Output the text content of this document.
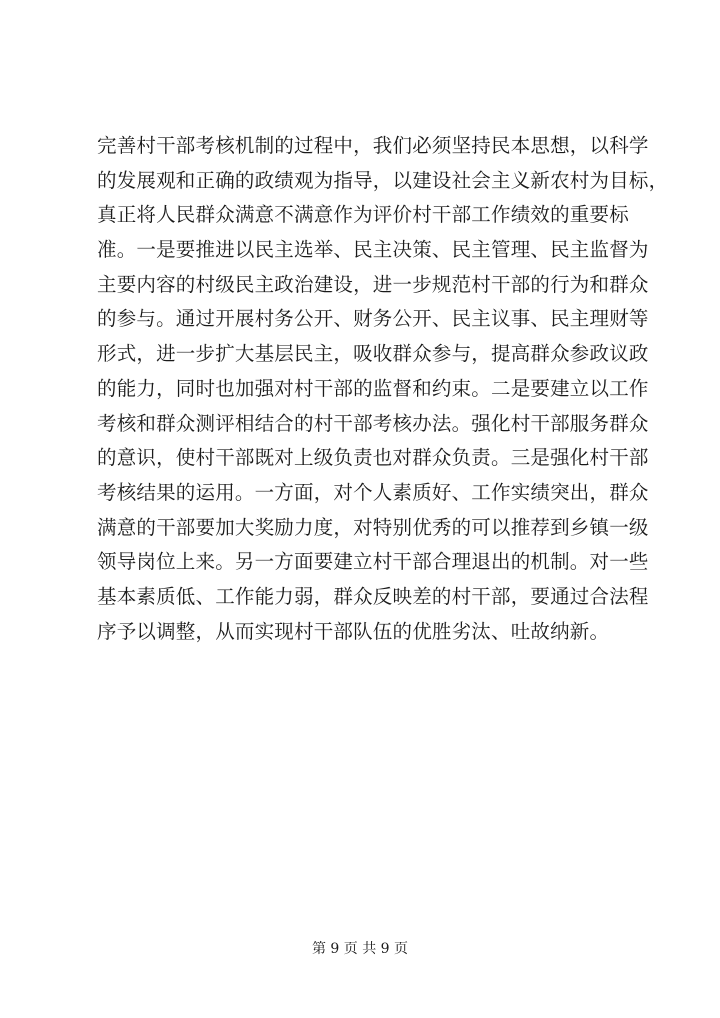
完善村干部考核机制的过程中，我们必须坚持民本思想，以科学
的发展观和正确的政绩观为指导，以建设社会主义新农村为目标，
真正将人民群众满意不满意作为评价村干部工作绩效的重要标
准。一是要推进以民主选举、民主决策、民主管理、民主监督为
主要内容的村级民主政治建设，进一步规范村干部的行为和群众
的参与。通过开展村务公开、财务公开、民主议事、民主理财等
形式，进一步扩大基层民主，吸收群众参与，提高群众参政议政
的能力，同时也加强对村干部的监督和约束。二是要建立以工作
考核和群众测评相结合的村干部考核办法。强化村干部服务群众
的意识，使村干部既对上级负责也对群众负责。三是强化村干部
考核结果的运用。一方面，对个人素质好、工作实绩突出，群众
满意的干部要加大奖励力度，对特别优秀的可以推荐到乡镇一级
领导岗位上来。另一方面要建立村干部合理退出的机制。对一些
基本素质低、工作能力弱，群众反映差的村干部，要通过合法程
序予以调整，从而实现村干部队伍的优胜劣汰、吐故纳新。
第 9 页 共 9 页
